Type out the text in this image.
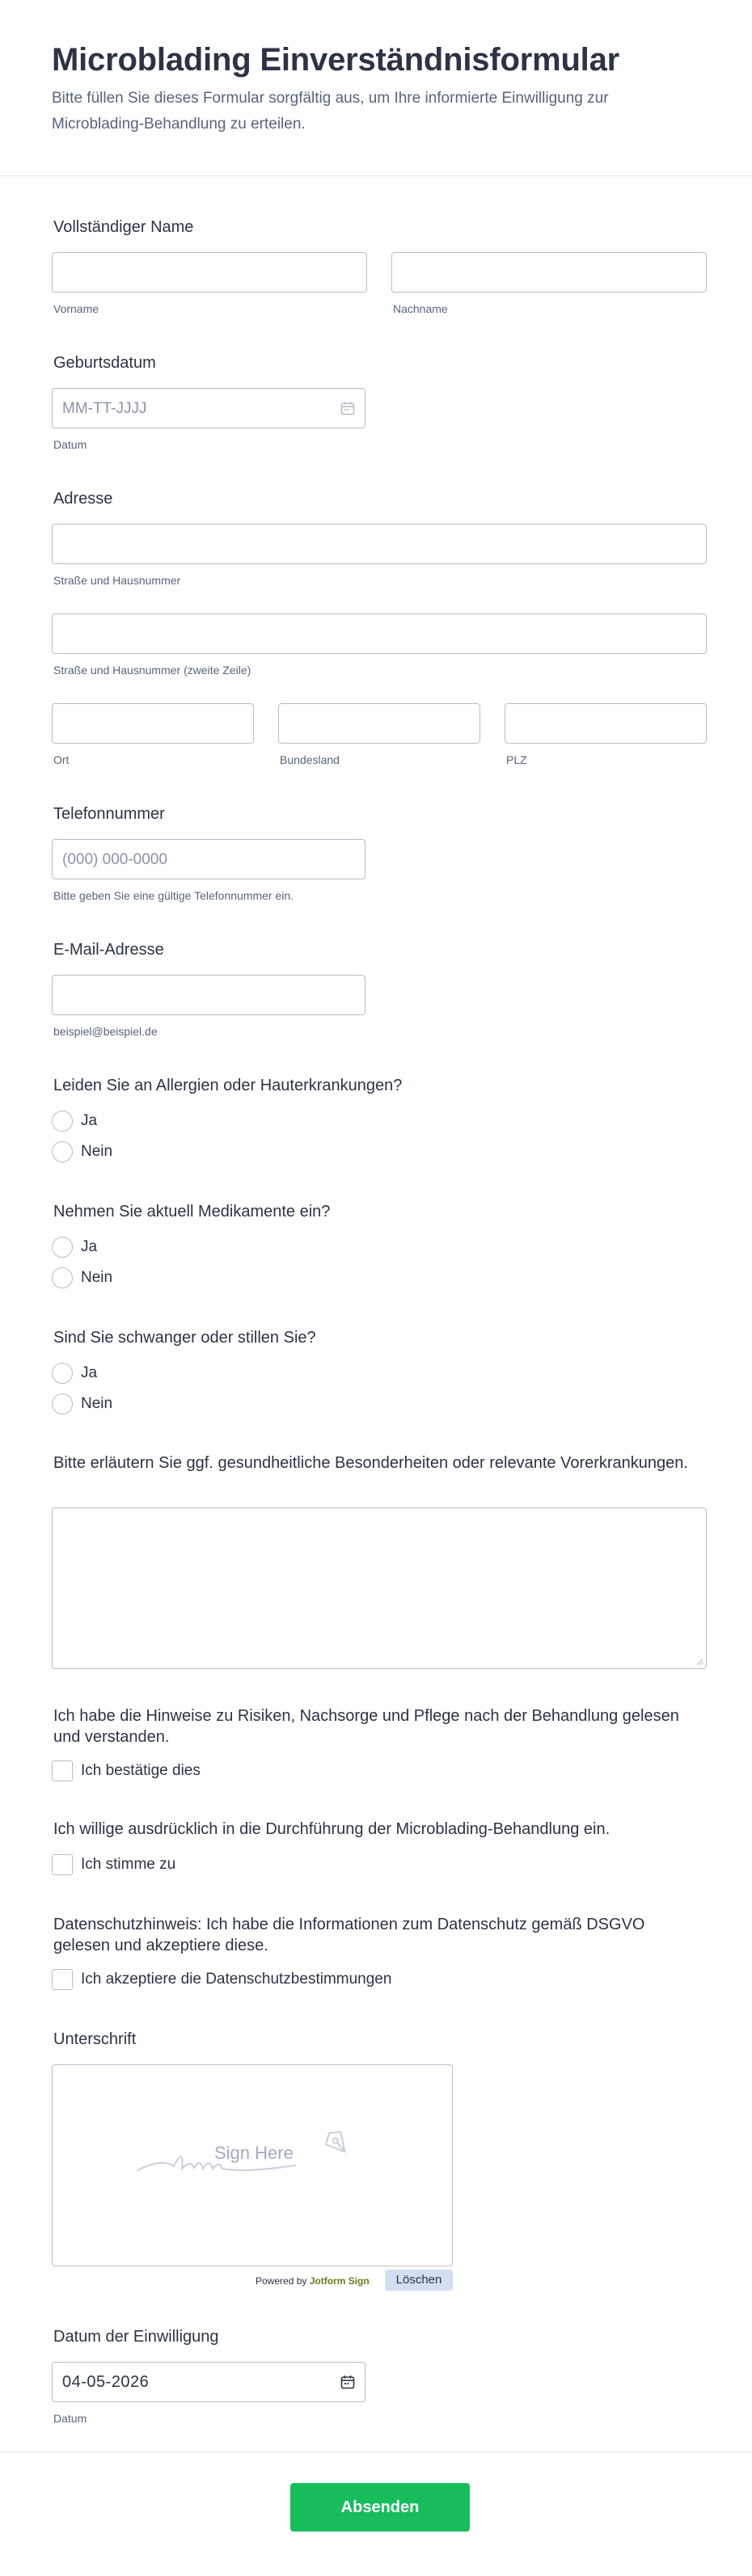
Microblading Einverständnisformular
Bitte füllen Sie dieses Formular sorgfältig aus, um Ihre informierte Einwilligung zur Microblading-Behandlung zu erteilen.
Vollständiger Name
Vorname	Nachname
Geburtsdatum
MM-TT-JJJJ
Datum
Adresse
Straße und Hausnummer
Straße und Hausnummer (zweite Zeile)
Ort	Bundesland	PLZ
Telefonnummer
(000) 000-0000
Bitte geben Sie eine gültige Telefonnummer ein.
E-Mail-Adresse
beispiel@beispiel.de
Leiden Sie an Allergien oder Hauterkrankungen?
Ja
Nein
Nehmen Sie aktuell Medikamente ein?
Ja
Nein
Sind Sie schwanger oder stillen Sie?
Ja
Nein
Bitte erläutern Sie ggf. gesundheitliche Besonderheiten oder relevante Vorerkrankungen.
Ich habe die Hinweise zu Risiken, Nachsorge und Pflege nach der Behandlung gelesen und verstanden.
Ich bestätige dies
Ich willige ausdrücklich in die Durchführung der Microblading-Behandlung ein.
Ich stimme zu
Datenschutzhinweis: Ich habe die Informationen zum Datenschutz gemäß DSGVO gelesen und akzeptiere diese.
Ich akzeptiere die Datenschutzbestimmungen
Unterschrift
Sign Here
Powered by Jotform Sign	Löschen
Datum der Einwilligung
04-05-2026
Datum
Absenden
